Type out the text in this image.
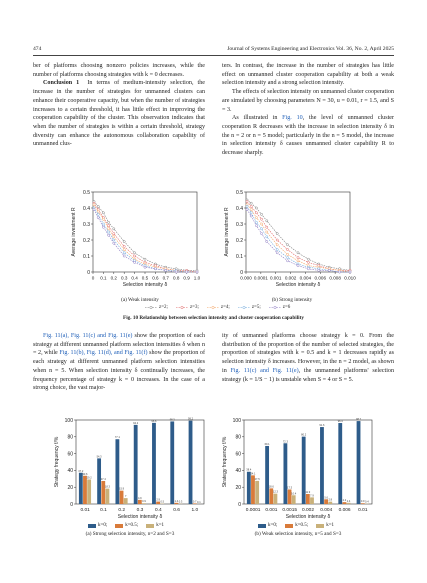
474	Journal of Systems Engineering and Electronics Vol. 36, No. 2, April 2025

ber of platforms choosing nonzero policies increases, while the number of platforms choosing strategies with k = 0 decreases.

Conclusion 1 In terms of medium-intensity selection, the increase in the number of strategies for unmanned clusters can enhance their cooperative capacity, but when the number of strategies increases to a certain threshold, it has little effect in improving the cooperation capability of the cluster. This observation indicates that when the number of strategies is within a certain threshold, strategy diversity can enhance the autonomous collaboration capability of unmanned clus-

ters. In contrast, the increase in the number of strategies has little effect on unmanned cluster cooperation capability at both a weak selection intensity and a strong selection intensity.

The effects of selection intensity on unmanned cluster cooperation are simulated by choosing parameters N = 30, u = 0.01, r = 1.5, and S = 3.

As illustrated in Fig. 10, the level of unmanned cluster cooperation R decreases with the increase in selection intensity δ in the n = 2 or n = 5 model; particularly in the n = 5 model, the increase in selection intensity δ causes unmanned cluster capability R to decrease sharply.

0
0.1
0.2
0.3
0.4
0.5
0 0.1 0.2 0.3 0.4 0.5 0.6 0.7 0.8 0.9 1.0
Selection intensity δ
Average investment R
0
0.1
0.2
0.3
0.4
0.5
0.000 0.0001 0.001 0.002 0.004 0.006 0.008 0.010
Selection intensity δ
Average investment R
(a) Weak intensity	(b) Strong intensity
z=2;	z=3;	z=4;	z=5;	z=6
Fig. 10 Relationship between selection intensity and cluster cooperation capability

Fig. 11(a), Fig. 11(c) and Fig. 11(e) show the proportion of each strategy at different unmanned platform selection intensities δ when n = 2, while Fig. 11(b), Fig. 11(d), and Fig. 11(f) show the proportion of each strategy at different unmanned platform selection intensities when n = 5. When selection intensity δ continually increases, the frequency percentage of strategy k = 0 increases. In the case of a strong choice, the vast major-

ity of unmanned platforms choose strategy k = 0. From the distribution of the proportion of the number of selected strategies, the proportion of strategies with k = 0.5 and k = 1 decreases rapidly as selection intensity δ increases. However, in the n = 2 model, as shown in Fig. 11(c) and Fig. 11(e), the unmanned platforms' selection strategy (k = 1/S − 1) is unstable when S = 4 or S = 5.

0
20
40
60
80
100
37.2
33.6
29.2
0.01
54.3
27.4
18.3
0.1
77.1
15.9
7
0.2
94.2
4.9
0.9
0.3
96.6
2.9
0.5
0.4
98.3
1.4 0.3
0.6
99.2
0.7 0.1
1.0
Selection intensity δ
Strategy frequency f/%
0
20
40
60
80
100
38.4
34.1
27.5
0.0001
69.1
18.6
12.3
0.001
72.3
17.3
10.4
0.0015
80.2
11.9
7.9
0.002
91.6
5.6
2.8
0.004
96.4
2.2 1.4
0.006
98.7
0.9 0.4
0.01
Selection intensity δ
Strategy frequency f/%
k=0;	k=0.5;	k=1	k=0;	k=0.5;	k=1
(a) Strong selection intensity, n=2 and S=3	(b) Weak selection intensity, n=5 and S=3
